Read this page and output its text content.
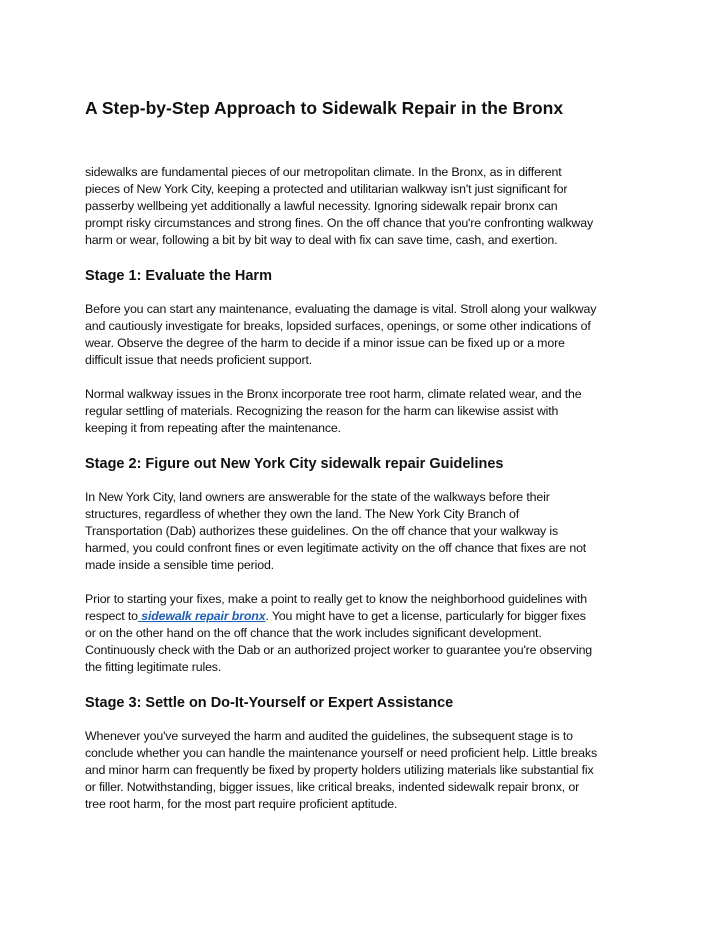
A Step-by-Step Approach to Sidewalk Repair in the Bronx

sidewalks are fundamental pieces of our metropolitan climate. In the Bronx, as in different
pieces of New York City, keeping a protected and utilitarian walkway isn't just significant for
passerby wellbeing yet additionally a lawful necessity. Ignoring sidewalk repair bronx can
prompt risky circumstances and strong fines. On the off chance that you're confronting walkway
harm or wear, following a bit by bit way to deal with fix can save time, cash, and exertion.

Stage 1: Evaluate the Harm

Before you can start any maintenance, evaluating the damage is vital. Stroll along your walkway
and cautiously investigate for breaks, lopsided surfaces, openings, or some other indications of
wear. Observe the degree of the harm to decide if a minor issue can be fixed up or a more
difficult issue that needs proficient support.

Normal walkway issues in the Bronx incorporate tree root harm, climate related wear, and the
regular settling of materials. Recognizing the reason for the harm can likewise assist with
keeping it from repeating after the maintenance.

Stage 2: Figure out New York City sidewalk repair Guidelines

In New York City, land owners are answerable for the state of the walkways before their
structures, regardless of whether they own the land. The New York City Branch of
Transportation (Dab) authorizes these guidelines. On the off chance that your walkway is
harmed, you could confront fines or even legitimate activity on the off chance that fixes are not
made inside a sensible time period.

Prior to starting your fixes, make a point to really get to know the neighborhood guidelines with
respect to sidewalk repair bronx. You might have to get a license, particularly for bigger fixes
or on the other hand on the off chance that the work includes significant development.
Continuously check with the Dab or an authorized project worker to guarantee you're observing
the fitting legitimate rules.

Stage 3: Settle on Do-It-Yourself or Expert Assistance

Whenever you've surveyed the harm and audited the guidelines, the subsequent stage is to
conclude whether you can handle the maintenance yourself or need proficient help. Little breaks
and minor harm can frequently be fixed by property holders utilizing materials like substantial fix
or filler. Notwithstanding, bigger issues, like critical breaks, indented sidewalk repair bronx, or
tree root harm, for the most part require proficient aptitude.
